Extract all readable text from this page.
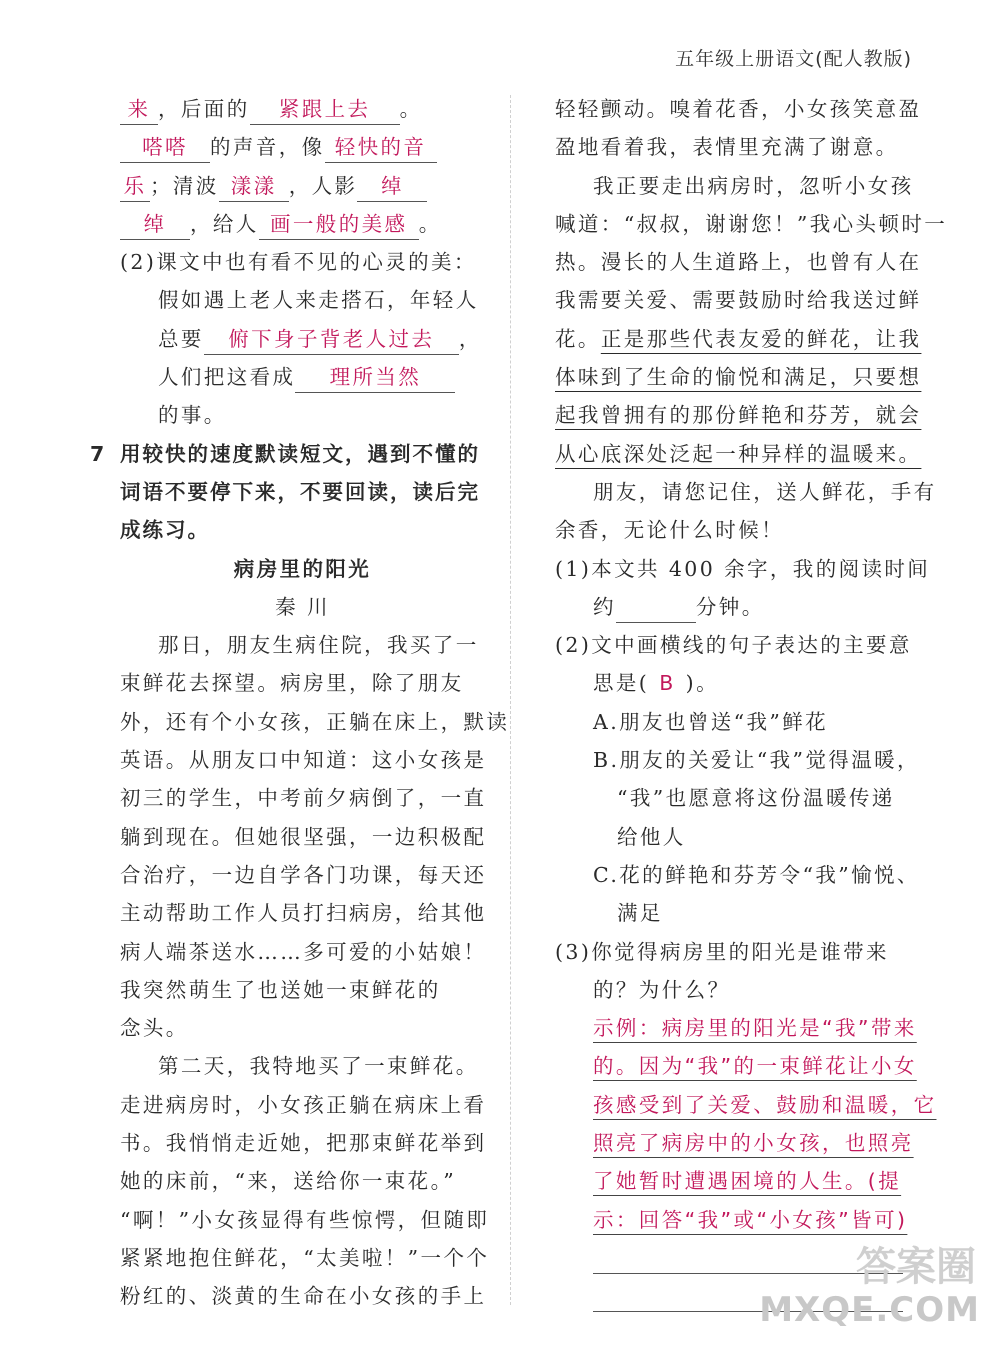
五年级上册语文(配人教版)
来 ，后面的 紧跟上去 。
嗒嗒 的声音，像 轻快的音
乐 ；清波 漾漾 ，人影 绰
绰 ，给人 画一般的美感 。
(2)课文中也有看不见的心灵的美：
假如遇上老人来走搭石，年轻人
总要 俯下身子背老人过去 ，
人们把这看成 理所当然
的事。
7 用较快的速度默读短文，遇到不懂的
词语不要停下来，不要回读，读后完
成练习。
病房里的阳光
秦 川
那日，朋友生病住院，我买了一
束鲜花去探望。病房里，除了朋友
外，还有个小女孩，正躺在床上，默读
英语。从朋友口中知道：这小女孩是
初三的学生，中考前夕病倒了，一直
躺到现在。但她很坚强，一边积极配
合治疗，一边自学各门功课，每天还
主动帮助工作人员打扫病房，给其他
病人端茶送水……多可爱的小姑娘！
我突然萌生了也送她一束鲜花的
念头。
第二天，我特地买了一束鲜花。
走进病房时，小女孩正躺在病床上看
书。我悄悄走近她，把那束鲜花举到
她的床前，“来，送给你一束花。”
“啊！”小女孩显得有些惊愕，但随即
紧紧地抱住鲜花，“太美啦！”一个个
粉红的、淡黄的生命在小女孩的手上
轻轻颤动。嗅着花香，小女孩笑意盈
盈地看着我，表情里充满了谢意。
我正要走出病房时，忽听小女孩
喊道：“叔叔，谢谢您！”我心头顿时一
热。漫长的人生道路上，也曾有人在
我需要关爱、需要鼓励时给我送过鲜
花。正是那些代表友爱的鲜花，让我
体味到了生命的愉悦和满足，只要想
起我曾拥有的那份鲜艳和芬芳，就会
从心底深处泛起一种异样的温暖来。
朋友，请您记住，送人鲜花，手有
余香，无论什么时候！
(1)本文共 400 余字，我的阅读时间
约	分钟。
(2)文中画横线的句子表达的主要意
思是( B )。
A.朋友也曾送“我”鲜花
B.朋友的关爱让“我”觉得温暖，
“我”也愿意将这份温暖传递
给他人
C.花的鲜艳和芬芳令“我”愉悦、
满足
(3)你觉得病房里的阳光是谁带来
的？为什么？
示例：病房里的阳光是“我”带来
的。因为“我”的一束鲜花让小女
孩感受到了关爱、鼓励和温暖，它
照亮了病房中的小女孩，也照亮
了她暂时遭遇困境的人生。(提
示：回答“我”或“小女孩”皆可)
答案圈
MXQE.COM
